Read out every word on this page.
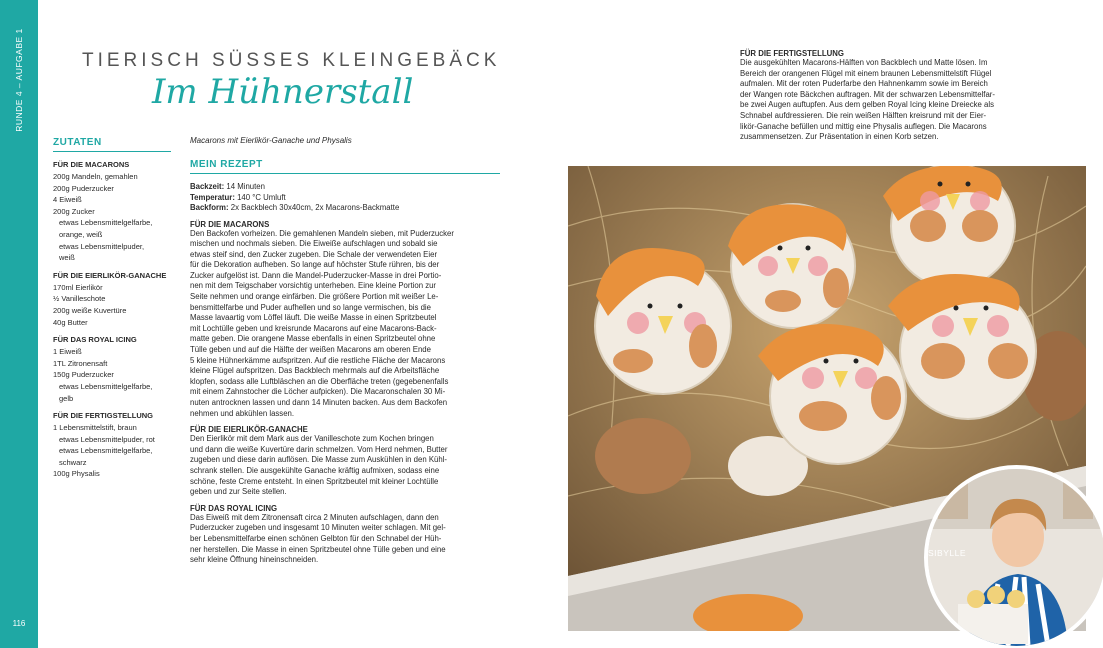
RUNDE 4 – AUFGABE 1
116
TIERISCH SÜSSES KLEINGEBÄCK
Im Hühnerstall
ZUTATEN
FÜR DIE MACARONS
200g Mandeln, gemahlen
200g Puderzucker
4 Eiweiß
200g Zucker
etwas Lebensmittelgelfarbe,
orange, weiß
etwas Lebensmittelpuder,
weiß
FÜR DIE EIERLIKÖR-GANACHE
170ml Eierlikör
½ Vanilleschote
200g weiße Kuvertüre
40g Butter
FÜR DAS ROYAL ICING
1 Eiweiß
1TL Zitronensaft
150g Puderzucker
etwas Lebensmittelgelfarbe,
gelb
FÜR DIE FERTIGSTELLUNG
1 Lebensmittelstift, braun
etwas Lebensmittelpuder, rot
etwas Lebensmittelgelfarbe,
schwarz
100g Physalis
Macarons mit Eierlikör-Ganache und Physalis
MEIN REZEPT
Backzeit: 14 Minuten
Temperatur: 140 °C Umluft
Backform: 2x Backblech 30x40cm, 2x Macarons-Backmatte
FÜR DIE MACARONS
Den Backofen vorheizen. Die gemahlenen Mandeln sieben, mit Puderzucker
mischen und nochmals sieben. Die Eiweiße aufschlagen und sobald sie
etwas steif sind, den Zucker zugeben. Die Schale der verwendeten Eier
für die Dekoration aufheben. So lange auf höchster Stufe rühren, bis der
Zucker aufgelöst ist. Dann die Mandel-Puderzucker-Masse in drei Portio-
nen mit dem Teigschaber vorsichtig unterheben. Eine kleine Portion zur
Seite nehmen und orange einfärben. Die größere Portion mit weißer Le-
bensmittelfarbe und Puder aufhellen und so lange vermischen, bis die
Masse lavaartig vom Löffel läuft. Die weiße Masse in einen Spritzbeutel
mit Lochtülle geben und kreisrunde Macarons auf eine Macarons-Back-
matte geben. Die orangene Masse ebenfalls in einen Spritzbeutel ohne
Tülle geben und auf die Hälfte der weißen Macarons am oberen Ende
5 kleine Hühnerkämme aufspritzen. Auf die restliche Fläche der Macarons
kleine Flügel aufspritzen. Das Backblech mehrmals auf die Arbeitsfläche
klopfen, sodass alle Luftbläschen an die Oberfläche treten (gegebenenfalls
mit einem Zahnstocher die Löcher aufpicken). Die Macaronschalen 30 Mi-
nuten antrocknen lassen und dann 14 Minuten backen. Aus dem Backofen
nehmen und abkühlen lassen.
FÜR DIE EIERLIKÖR-GANACHE
Den Eierlikör mit dem Mark aus der Vanilleschote zum Kochen bringen
und dann die weiße Kuvertüre darin schmelzen. Vom Herd nehmen, Butter
zugeben und diese darin auflösen. Die Masse zum Auskühlen in den Kühl-
schrank stellen. Die ausgekühlte Ganache kräftig aufmixen, sodass eine
schöne, feste Creme entsteht. In einen Spritzbeutel mit kleiner Lochtülle
geben und zur Seite stellen.
FÜR DAS ROYAL ICING
Das Eiweiß mit dem Zitronensaft circa 2 Minuten aufschlagen, dann den
Puderzucker zugeben und insgesamt 10 Minuten weiter schlagen. Mit gel-
ber Lebensmittelfarbe einen schönen Gelbton für den Schnabel der Hüh-
ner herstellen. Die Masse in einen Spritzbeutel ohne Tülle geben und eine
sehr kleine Öffnung hineinschneiden.
FÜR DIE FERTIGSTELLUNG
Die ausgekühlten Macarons-Hälften von Backblech und Matte lösen. Im
Bereich der orangenen Flügel mit einem braunen Lebensmittelstift Flügel
aufmalen. Mit der roten Puderfarbe den Hahnenkamm sowie im Bereich
der Wangen rote Bäckchen auftragen. Mit der schwarzen Lebensmittelfar-
be zwei Augen auftupfen. Aus dem gelben Royal Icing kleine Dreiecke als
Schnabel aufdressieren. Die rein weißen Hälften kreisrund mit der Eier-
likör-Ganache befüllen und mittig eine Physalis auflegen. Die Macarons
zusammensetzen. Zur Präsentation in einen Korb setzen.
SIBYLLE
